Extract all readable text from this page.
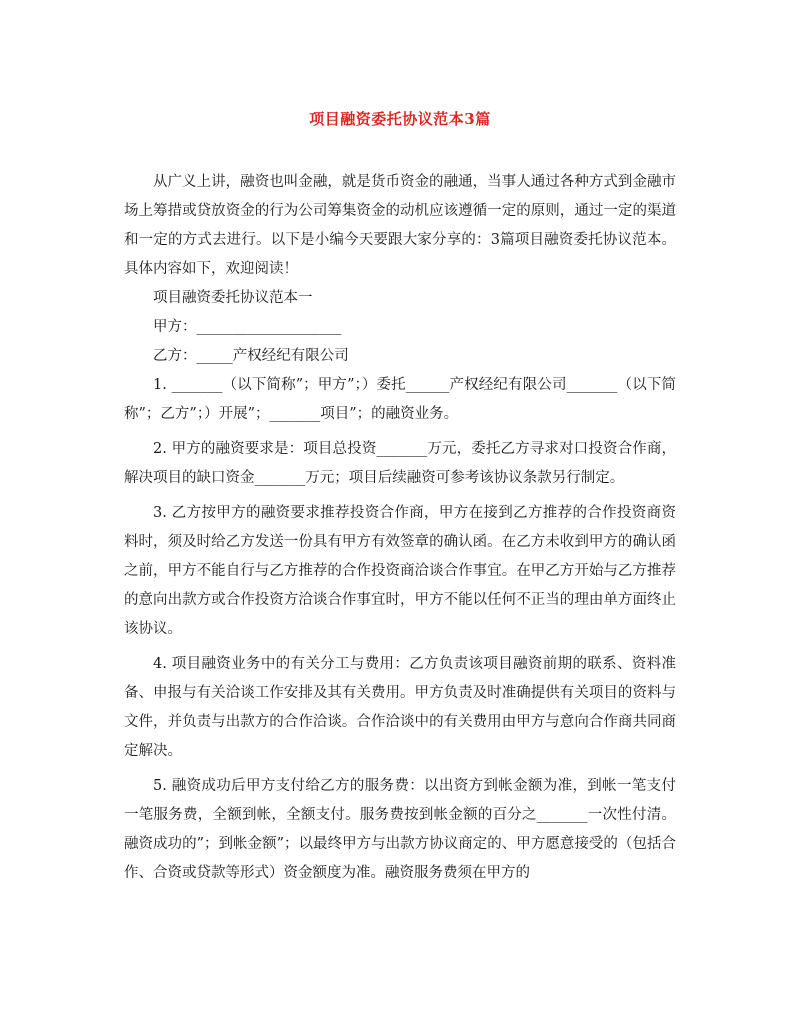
项目融资委托协议范本3篇

从广义上讲，融资也叫金融，就是货币资金的融通，当事人通过各种方式到金融市场上筹措或贷放资金的行为公司筹集资金的动机应该遵循一定的原则，通过一定的渠道和一定的方式去进行。以下是小编今天要跟大家分享的：3篇项目融资委托协议范本。具体内容如下，欢迎阅读！

项目融资委托协议范本一

甲方：____________________

乙方：_____产权经纪有限公司

1. _______（以下简称”；甲方”；）委托______产权经纪有限公司_______（以下简称”；乙方”；）开展”；_______项目”；的融资业务。

2. 甲方的融资要求是：项目总投资_______万元，委托乙方寻求对口投资合作商，解决项目的缺口资金_______万元；项目后续融资可参考该协议条款另行制定。

3. 乙方按甲方的融资要求推荐投资合作商，甲方在接到乙方推荐的合作投资商资料时，须及时给乙方发送一份具有甲方有效签章的确认函。在乙方未收到甲方的确认函之前，甲方不能自行与乙方推荐的合作投资商洽谈合作事宜。在甲乙方开始与乙方推荐的意向出款方或合作投资方洽谈合作事宜时，甲方不能以任何不正当的理由单方面终止该协议。

4. 项目融资业务中的有关分工与费用：乙方负责该项目融资前期的联系、资料准备、申报与有关洽谈工作安排及其有关费用。甲方负责及时准确提供有关项目的资料与文件，并负责与出款方的合作洽谈。合作洽谈中的有关费用由甲方与意向合作商共同商定解决。

5. 融资成功后甲方支付给乙方的服务费：以出资方到帐金额为准，到帐一笔支付一笔服务费，全额到帐，全额支付。服务费按到帐金额的百分之_______一次性付清。融资成功的”；到帐金额”；以最终甲方与出款方协议商定的、甲方愿意接受的（包括合作、合资或贷款等形式）资金额度为准。融资服务费须在甲方的
